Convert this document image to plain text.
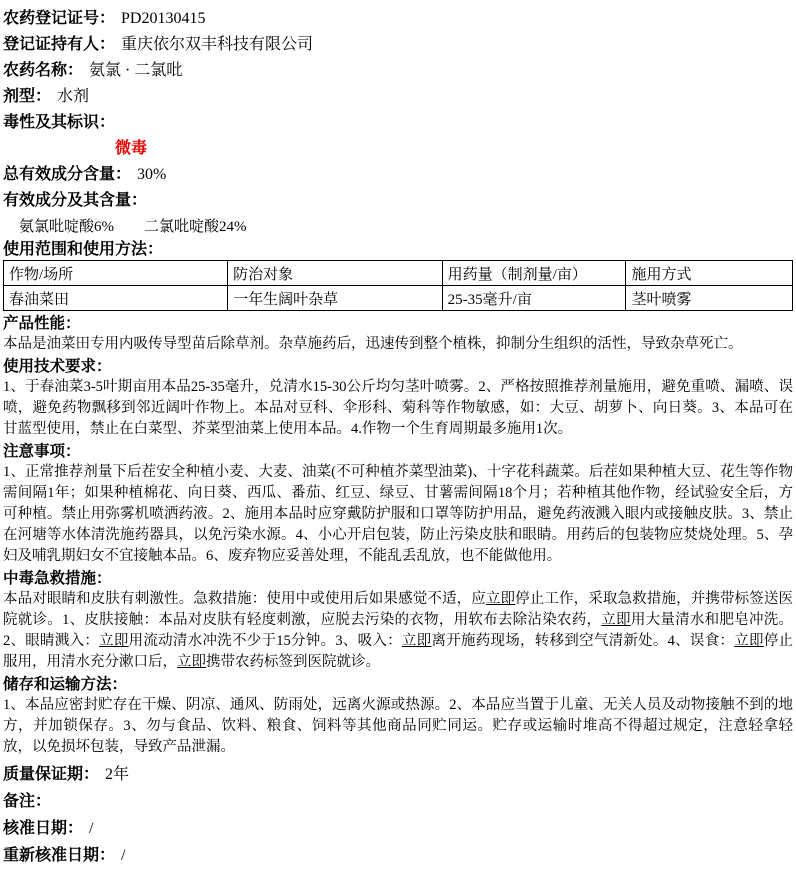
农药登记证号： PD20130415
登记证持有人： 重庆依尔双丰科技有限公司
农药名称： 氨氯 · 二氯吡
剂型： 水剂
毒性及其标识：
微毒
总有效成分含量： 30%
有效成分及其含量：
氨氯吡啶酸6% 二氯吡啶酸24%
使用范围和使用方法：
作物/场所	防治对象	用药量（制剂量/亩）	施用方式
春油菜田	一年生阔叶杂草	25-35毫升/亩	茎叶喷雾
产品性能：
本品是油菜田专用内吸传导型苗后除草剂。杂草施药后，迅速传到整个植株，抑制分生组织的活性，导致杂草死亡。
使用技术要求：
1、于春油菜3-5叶期亩用本品25-35毫升，兑清水15-30公斤均匀茎叶喷雾。2、严格按照推荐剂量施用，避免重喷、漏喷、误喷，避免药物飘移到邻近阔叶作物上。本品对豆科、伞形科、菊科等作物敏感，如：大豆、胡萝卜、向日葵。3、本品可在甘蓝型使用，禁止在白菜型、芥菜型油菜上使用本品。4.作物一个生育周期最多施用1次。
注意事项：
1、正常推荐剂量下后茬安全种植小麦、大麦、油菜(不可种植芥菜型油菜)、十字花科蔬菜。后茬如果种植大豆、花生等作物需间隔1年；如果种植棉花、向日葵、西瓜、番茄、红豆、绿豆、甘薯需间隔18个月；若种植其他作物，经试验安全后，方可种植。禁止用弥雾机喷洒药液。2、施用本品时应穿戴防护服和口罩等防护用品，避免药液溅入眼内或接触皮肤。3、禁止在河塘等水体清洗施药器具，以免污染水源。4、小心开启包装，防止污染皮肤和眼睛。用药后的包装物应焚烧处理。5、孕妇及哺乳期妇女不宜接触本品。6、废弃物应妥善处理，不能乱丢乱放，也不能做他用。
中毒急救措施：
本品对眼睛和皮肤有刺激性。急救措施：使用中或使用后如果感觉不适，应立即停止工作，采取急救措施，并携带标签送医院就诊。1、皮肤接触：本品对皮肤有轻度刺激，应脱去污染的衣物，用软布去除沾染农药，立即用大量清水和肥皂冲洗。2、眼睛溅入：立即用流动清水冲洗不少于15分钟。3、吸入：立即离开施药现场，转移到空气清新处。4、误食：立即停止服用，用清水充分漱口后，立即携带农药标签到医院就诊。
储存和运输方法：
1、本品应密封贮存在干燥、阴凉、通风、防雨处，远离火源或热源。2、本品应当置于儿童、无关人员及动物接触不到的地方，并加锁保存。3、勿与食品、饮料、粮食、饲料等其他商品同贮同运。贮存或运输时堆高不得超过规定，注意轻拿轻放，以免损坏包装，导致产品泄漏。
质量保证期： 2年
备注：
核准日期： /
重新核准日期： /
